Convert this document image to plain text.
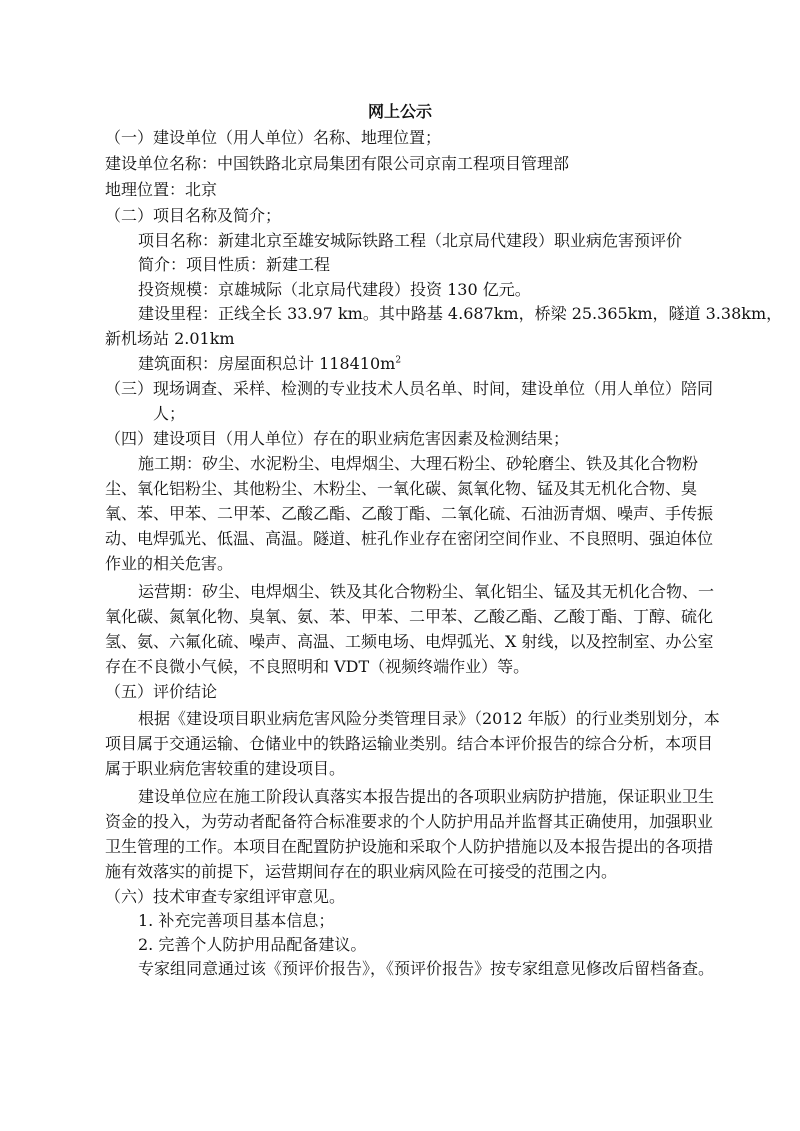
网上公示
（一）建设单位（用人单位）名称、地理位置；
建设单位名称：中国铁路北京局集团有限公司京南工程项目管理部
地理位置：北京
（二）项目名称及简介；
项目名称：新建北京至雄安城际铁路工程（北京局代建段）职业病危害预评价
简介：项目性质：新建工程
投资规模：京雄城际（北京局代建段）投资 130 亿元。
建设里程：正线全长 33.97 km。其中路基 4.687km，桥梁 25.365km，隧道 3.38km，
新机场站 2.01km
建筑面积：房屋面积总计 $118410m^2$
（三）现场调查、采样、检测的专业技术人员名单、时间，建设单位（用人单位）陪同
人；
（四）建设项目（用人单位）存在的职业病危害因素及检测结果；
施工期：矽尘、水泥粉尘、电焊烟尘、大理石粉尘、砂轮磨尘、铁及其化合物粉
尘、氧化铝粉尘、其他粉尘、木粉尘、一氧化碳、氮氧化物、锰及其无机化合物、臭
氧、苯、甲苯、二甲苯、乙酸乙酯、乙酸丁酯、二氧化硫、石油沥青烟、噪声、手传振
动、电焊弧光、低温、高温。隧道、桩孔作业存在密闭空间作业、不良照明、强迫体位
作业的相关危害。
运营期：矽尘、电焊烟尘、铁及其化合物粉尘、氧化铝尘、锰及其无机化合物、一
氧化碳、氮氧化物、臭氧、氨、苯、甲苯、二甲苯、乙酸乙酯、乙酸丁酯、丁醇、硫化
氢、氨、六氟化硫、噪声、高温、工频电场、电焊弧光、X 射线，以及控制室、办公室
存在不良微小气候，不良照明和 VDT（视频终端作业）等。
（五）评价结论
根据《建设项目职业病危害风险分类管理目录》（2012 年版）的行业类别划分，本
项目属于交通运输、仓储业中的铁路运输业类别。结合本评价报告的综合分析，本项目
属于职业病危害较重的建设项目。
建设单位应在施工阶段认真落实本报告提出的各项职业病防护措施，保证职业卫生
资金的投入，为劳动者配备符合标准要求的个人防护用品并监督其正确使用，加强职业
卫生管理的工作。本项目在配置防护设施和采取个人防护措施以及本报告提出的各项措
施有效落实的前提下，运营期间存在的职业病风险在可接受的范围之内。
（六）技术审查专家组评审意见。
1. 补充完善项目基本信息；
2. 完善个人防护用品配备建议。
专家组同意通过该《预评价报告》，《预评价报告》按专家组意见修改后留档备查。
